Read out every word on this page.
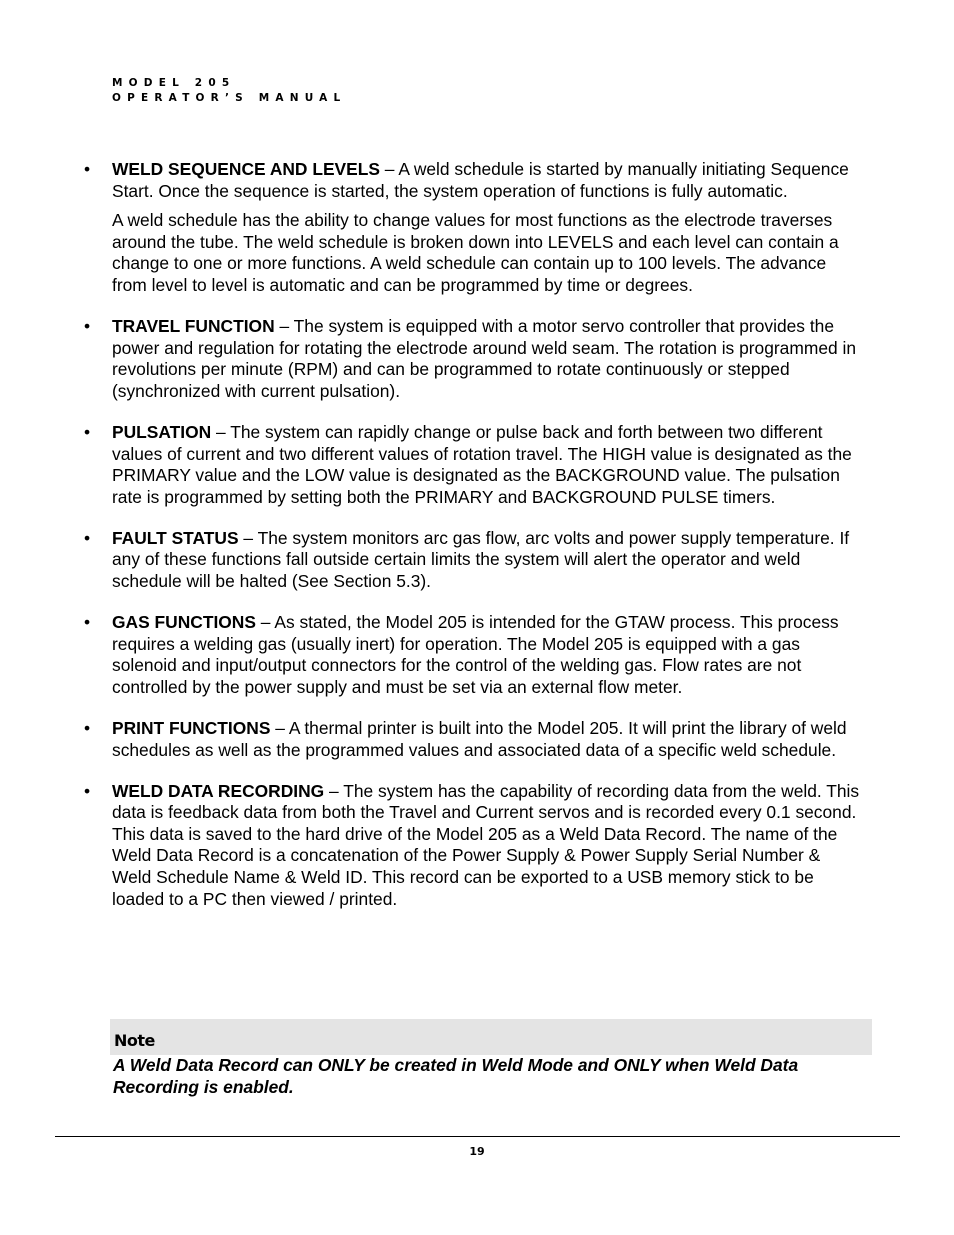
MODEL 205
OPERATOR’S MANUAL
• WELD SEQUENCE AND LEVELS – A weld schedule is started by manually initiating Sequence Start. Once the sequence is started, the system operation of functions is fully automatic.

A weld schedule has the ability to change values for most functions as the electrode traverses around the tube. The weld schedule is broken down into LEVELS and each level can contain a change to one or more functions. A weld schedule can contain up to 100 levels. The advance from level to level is automatic and can be programmed by time or degrees.

• TRAVEL FUNCTION – The system is equipped with a motor servo controller that provides the power and regulation for rotating the electrode around weld seam. The rotation is programmed in revolutions per minute (RPM) and can be programmed to rotate continuously or stepped (synchronized with current pulsation).

• PULSATION – The system can rapidly change or pulse back and forth between two different values of current and two different values of rotation travel. The HIGH value is designated as the PRIMARY value and the LOW value is designated as the BACKGROUND value. The pulsation rate is programmed by setting both the PRIMARY and BACKGROUND PULSE timers.

• FAULT STATUS – The system monitors arc gas flow, arc volts and power supply temperature. If any of these functions fall outside certain limits the system will alert the operator and weld schedule will be halted (See Section 5.3).

• GAS FUNCTIONS – As stated, the Model 205 is intended for the GTAW process. This process requires a welding gas (usually inert) for operation. The Model 205 is equipped with a gas solenoid and input/output connectors for the control of the welding gas. Flow rates are not controlled by the power supply and must be set via an external flow meter.

• PRINT FUNCTIONS – A thermal printer is built into the Model 205. It will print the library of weld schedules as well as the programmed values and associated data of a specific weld schedule.

• WELD DATA RECORDING – The system has the capability of recording data from the weld. This data is feedback data from both the Travel and Current servos and is recorded every 0.1 second. This data is saved to the hard drive of the Model 205 as a Weld Data Record. The name of the Weld Data Record is a concatenation of the Power Supply & Power Supply Serial Number & Weld Schedule Name & Weld ID. This record can be exported to a USB memory stick to be loaded to a PC then viewed / printed.

Note
A Weld Data Record can ONLY be created in Weld Mode and ONLY when Weld Data Recording is enabled.
19
